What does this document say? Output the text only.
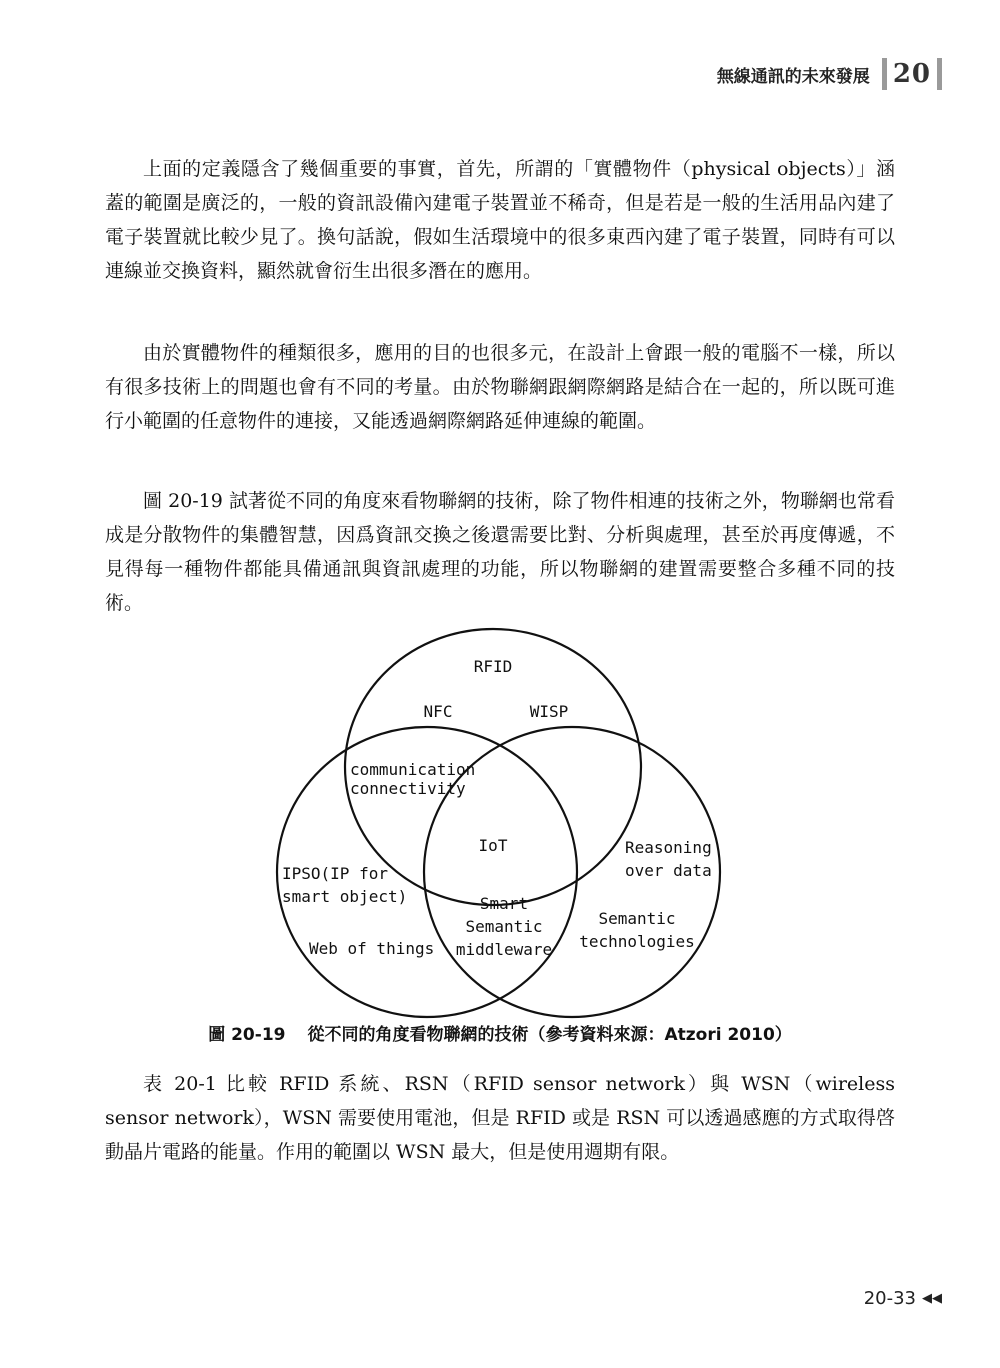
無線通訊的未來發展 20

上面的定義隱含了幾個重要的事實，首先，所謂的「實體物件（physical objects）」涵蓋的範圍是廣泛的，一般的資訊設備內建電子裝置並不稀奇，但是若是一般的生活用品內建了電子裝置就比較少見了。換句話說，假如生活環境中的很多東西內建了電子裝置，同時有可以連線並交換資料，顯然就會衍生出很多潛在的應用。

由於實體物件的種類很多，應用的目的也很多元，在設計上會跟一般的電腦不一樣，所以有很多技術上的問題也會有不同的考量。由於物聯網跟網際網路是結合在一起的，所以既可進行小範圍的任意物件的連接，又能透過網際網路延伸連線的範圍。

圖 20-19 試著從不同的角度來看物聯網的技術，除了物件相連的技術之外，物聯網也常看成是分散物件的集體智慧，因爲資訊交換之後還需要比對、分析與處理，甚至於再度傳遞，不見得每一種物件都能具備通訊與資訊處理的功能，所以物聯網的建置需要整合多種不同的技術。

RFID
NFC	WISP
communication
connectivity
IoT	Reasoning
over data
IPSO(IP for
smart object)	Smart
Semantic
middleware
Semantic
technologies
Web of things
圖 20-19 從不同的角度看物聯網的技術（參考資料來源：Atzori 2010）

表 20-1 比較 RFID 系統、RSN（RFID sensor network）與 WSN（wireless sensor network），WSN 需要使用電池，但是 RFID 或是 RSN 可以透過感應的方式取得啓動晶片電路的能量。作用的範圍以 WSN 最大，但是使用週期有限。

20-33 ◀◀
